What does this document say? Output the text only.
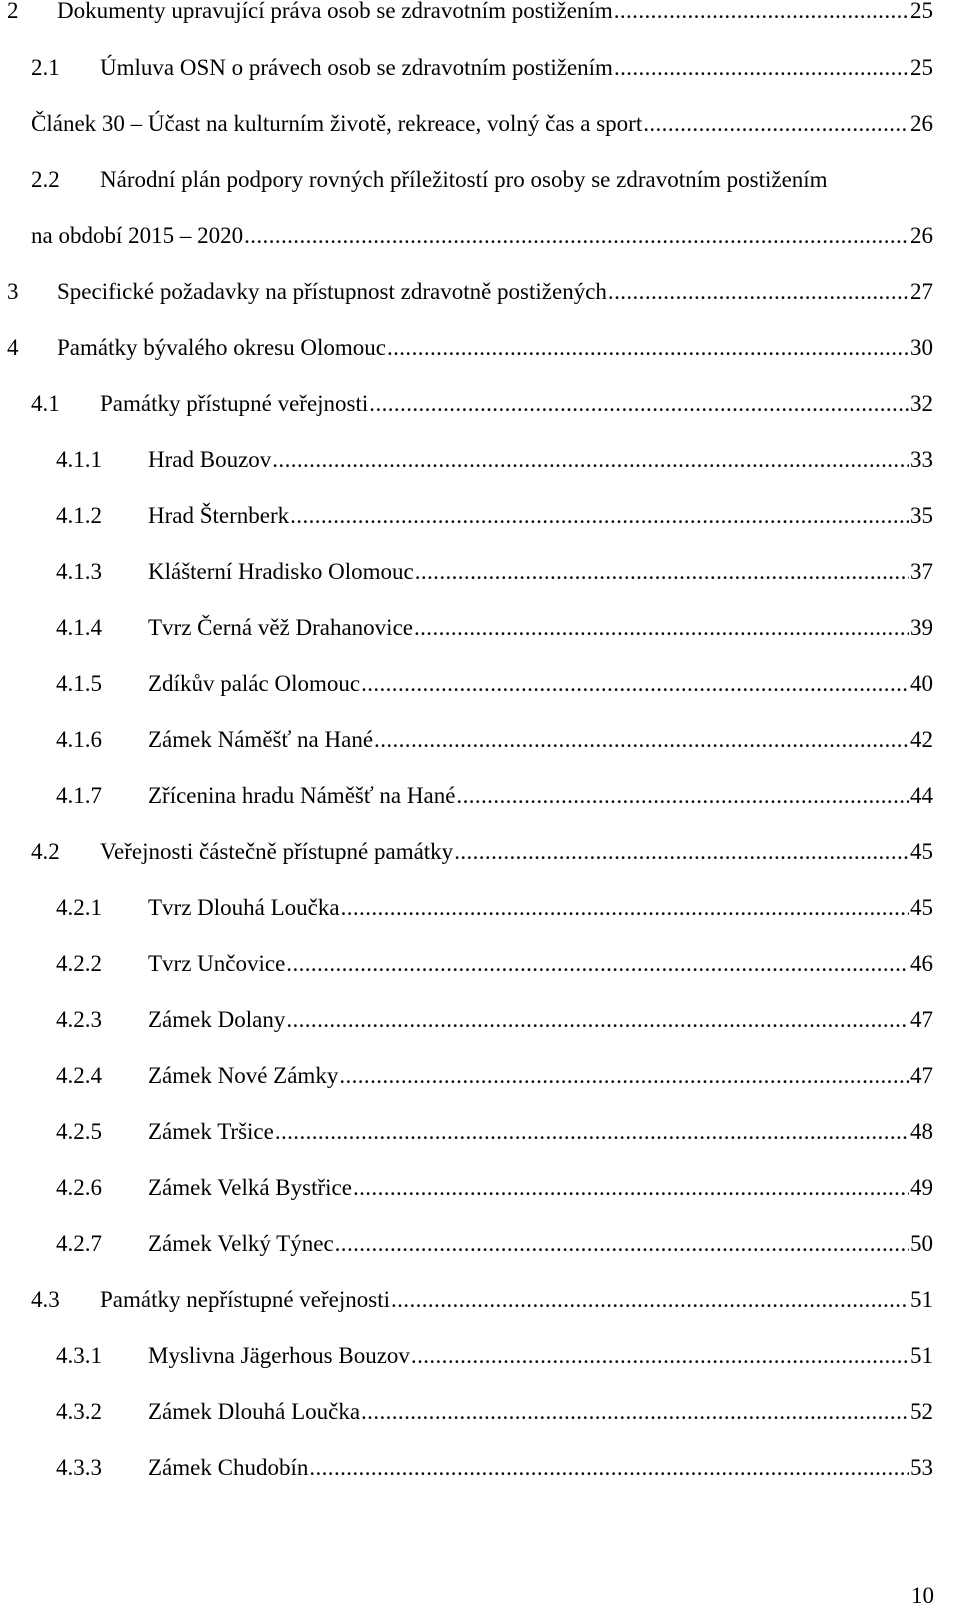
2 Dokumenty upravující práva osob se zdravotním postižením .....	25
2.1 Úmluva OSN o právech osob se zdravotním postižením .....	25
Článek 30 – Účast na kulturním životě, rekreace, volný čas a sport .....	26
2.2 Národní plán podpory rovných příležitostí pro osoby se zdravotním postižením
na období 2015 – 2020 .....	26
3 Specifické požadavky na přístupnost zdravotně postižených .....	27
4 Památky bývalého okresu Olomouc .....	30
4.1 Památky přístupné veřejnosti .....	32
4.1.1 Hrad Bouzov .....	33
4.1.2 Hrad Šternberk .....	35
4.1.3 Klášterní Hradisko Olomouc .....	37
4.1.4 Tvrz Černá věž Drahanovice .....	39
4.1.5 Zdíkův palác Olomouc .....	40
4.1.6 Zámek Náměšť na Hané .....	42
4.1.7 Zřícenina hradu Náměšť na Hané .....	44
4.2 Veřejnosti částečně přístupné památky .....	45
4.2.1 Tvrz Dlouhá Loučka .....	45
4.2.2 Tvrz Unčovice .....	46
4.2.3 Zámek Dolany .....	47
4.2.4 Zámek Nové Zámky .....	47
4.2.5 Zámek Tršice .....	48
4.2.6 Zámek Velká Bystřice .....	49
4.2.7 Zámek Velký Týnec .....	50
4.3 Památky nepřístupné veřejnosti .....	51
4.3.1 Myslivna Jägerhous Bouzov .....	51
4.3.2 Zámek Dlouhá Loučka .....	52
4.3.3 Zámek Chudobín .....	53
10
